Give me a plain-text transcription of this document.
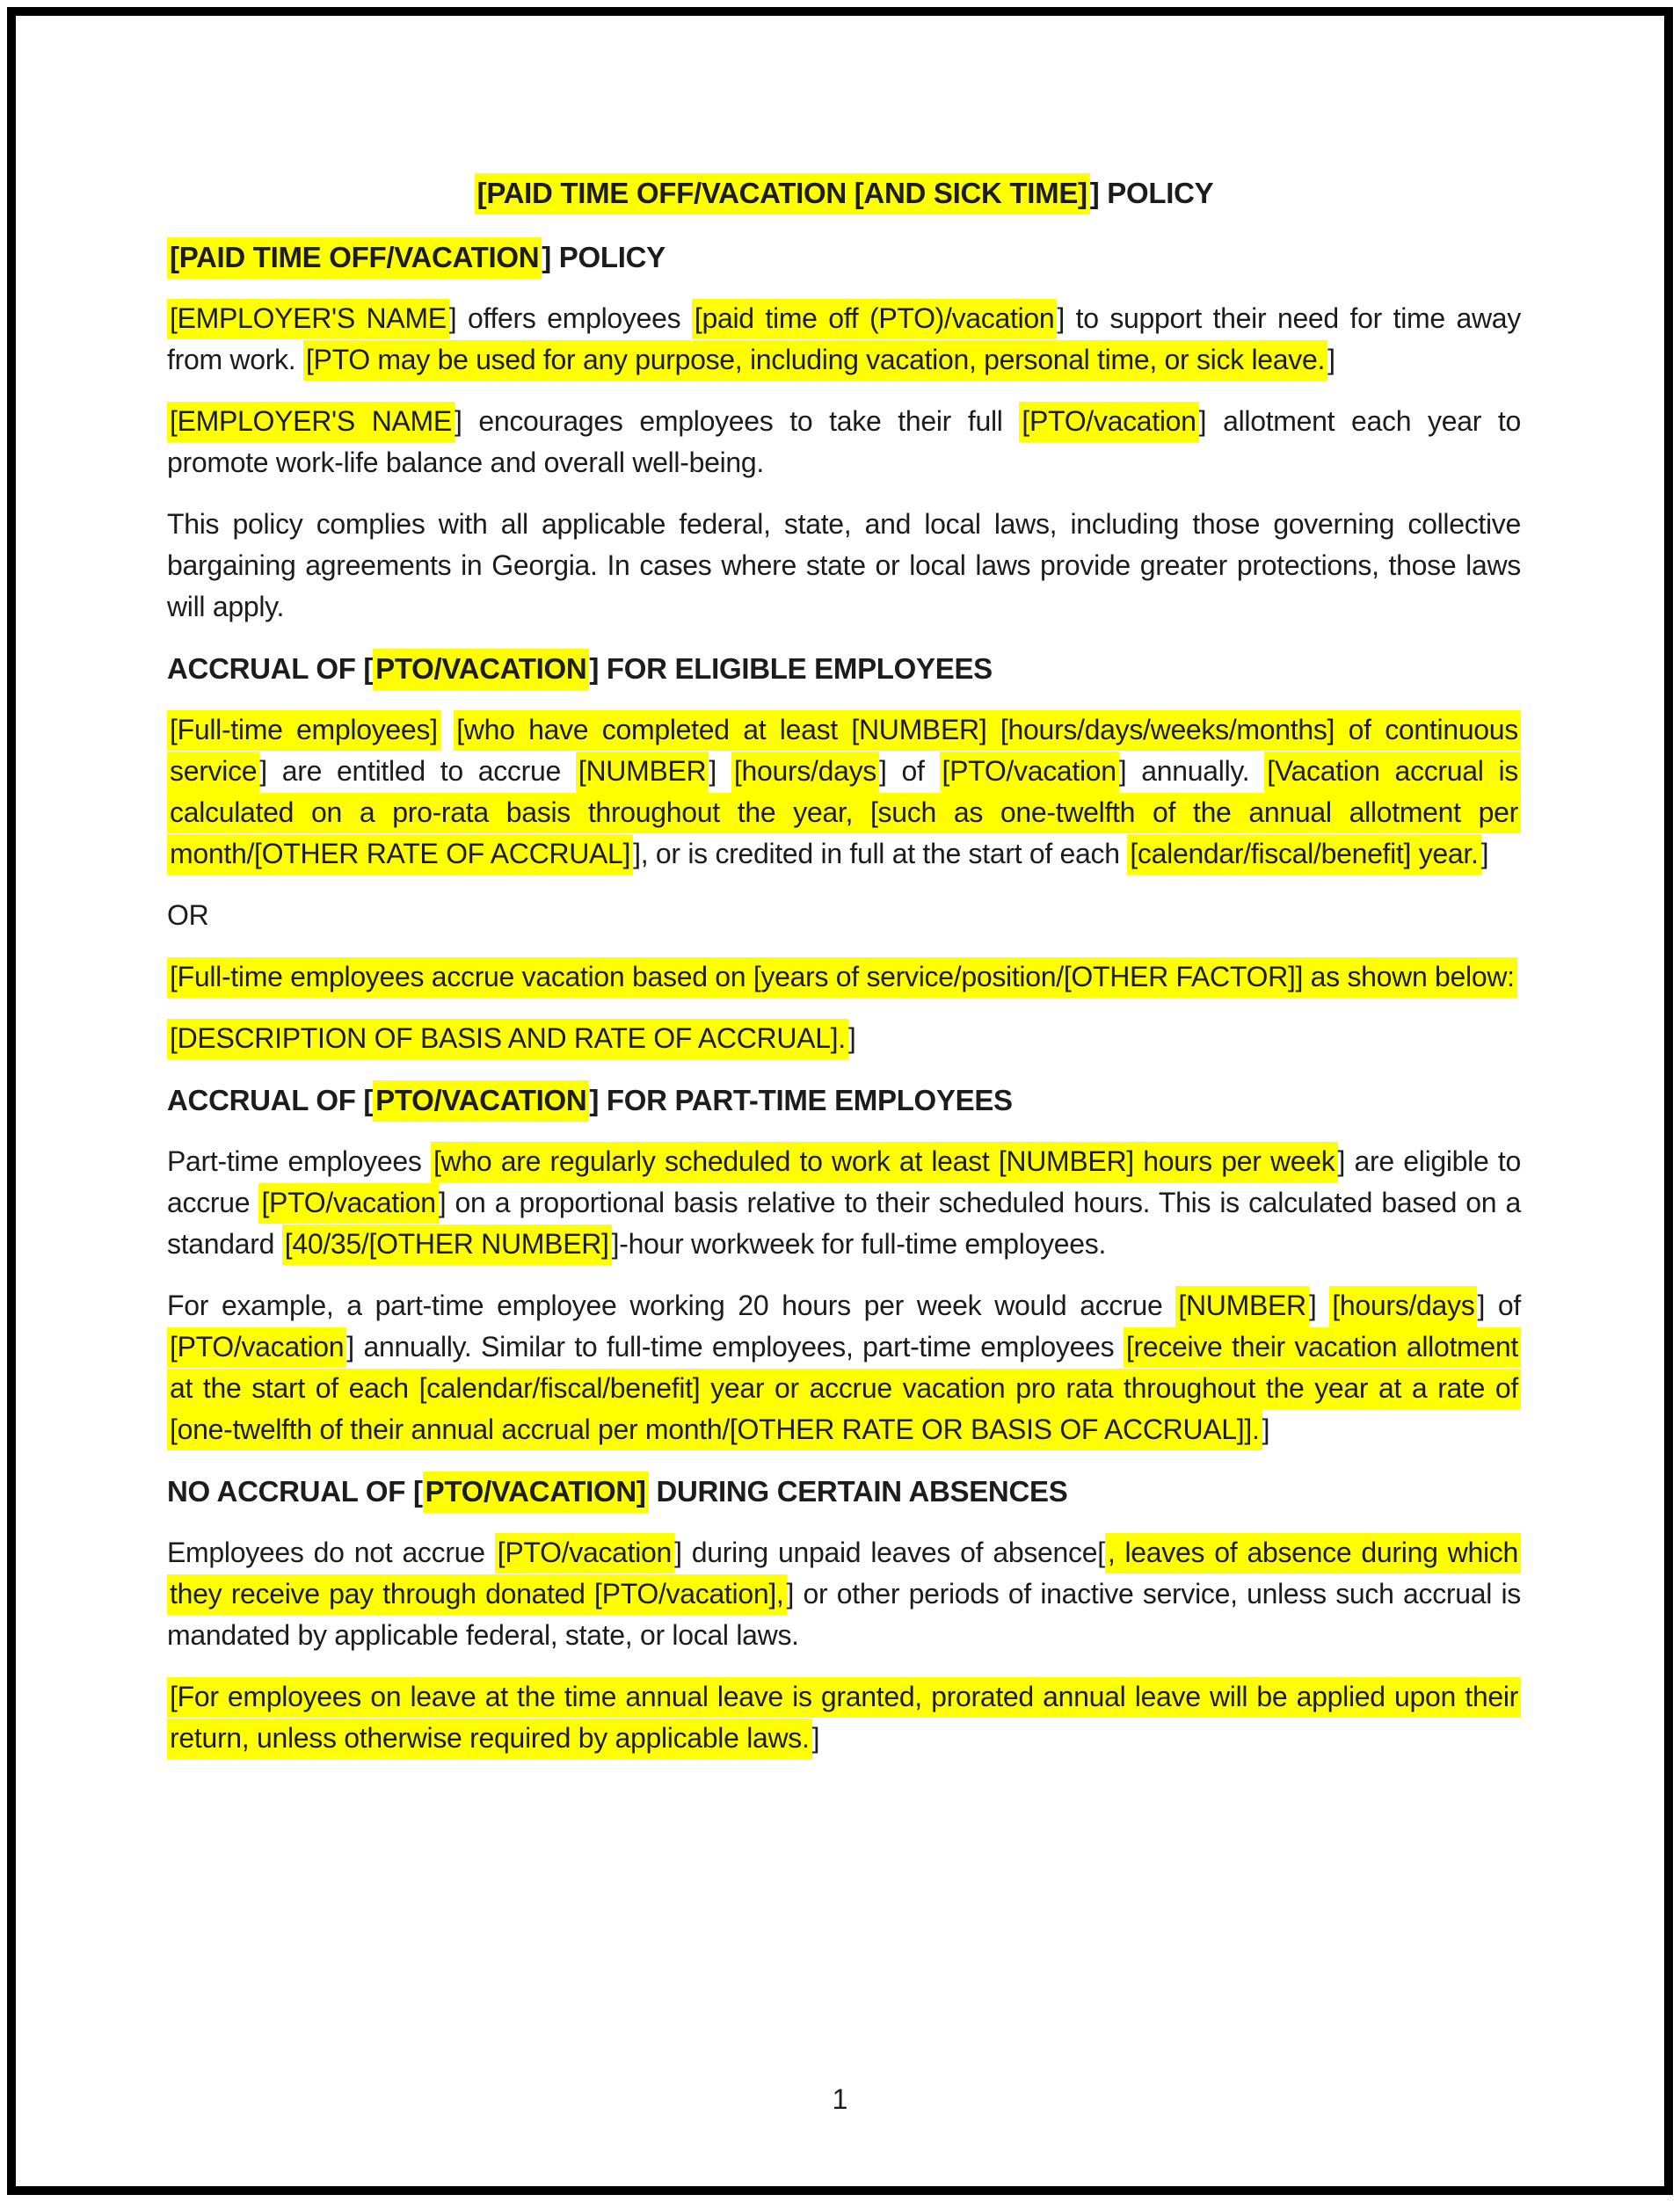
[PAID TIME OFF/VACATION [AND SICK TIME]] POLICY
[PAID TIME OFF/VACATION] POLICY

[EMPLOYER'S NAME] offers employees [paid time off (PTO)/vacation] to support their need for time away from work. [PTO may be used for any purpose, including vacation, personal time, or sick leave.]

[EMPLOYER'S NAME] encourages employees to take their full [PTO/vacation] allotment each year to promote work-life balance and overall well-being.

This policy complies with all applicable federal, state, and local laws, including those governing collective bargaining agreements in Georgia. In cases where state or local laws provide greater protections, those laws will apply.

ACCRUAL OF [PTO/VACATION] FOR ELIGIBLE EMPLOYEES

[Full-time employees] [who have completed at least [NUMBER] [hours/days/weeks/months] of continuous service] are entitled to accrue [NUMBER] [hours/days] of [PTO/vacation] annually. [Vacation accrual is calculated on a pro-rata basis throughout the year, [such as one-twelfth of the annual allotment per month/[OTHER RATE OF ACCRUAL]], or is credited in full at the start of each [calendar/fiscal/benefit] year.]

OR

[Full-time employees accrue vacation based on [years of service/position/[OTHER FACTOR]] as shown below:

[DESCRIPTION OF BASIS AND RATE OF ACCRUAL].]

ACCRUAL OF [PTO/VACATION] FOR PART-TIME EMPLOYEES

Part-time employees [who are regularly scheduled to work at least [NUMBER] hours per week] are eligible to accrue [PTO/vacation] on a proportional basis relative to their scheduled hours. This is calculated based on a standard [40/35/[OTHER NUMBER]]-hour workweek for full-time employees.

For example, a part-time employee working 20 hours per week would accrue [NUMBER] [hours/days] of [PTO/vacation] annually. Similar to full-time employees, part-time employees [receive their vacation allotment at the start of each [calendar/fiscal/benefit] year or accrue vacation pro rata throughout the year at a rate of [one-twelfth of their annual accrual per month/[OTHER RATE OR BASIS OF ACCRUAL]].]

NO ACCRUAL OF [PTO/VACATION] DURING CERTAIN ABSENCES

Employees do not accrue [PTO/vacation] during unpaid leaves of absence[, leaves of absence during which they receive pay through donated [PTO/vacation],] or other periods of inactive service, unless such accrual is mandated by applicable federal, state, or local laws.

[For employees on leave at the time annual leave is granted, prorated annual leave will be applied upon their return, unless otherwise required by applicable laws.]

1
